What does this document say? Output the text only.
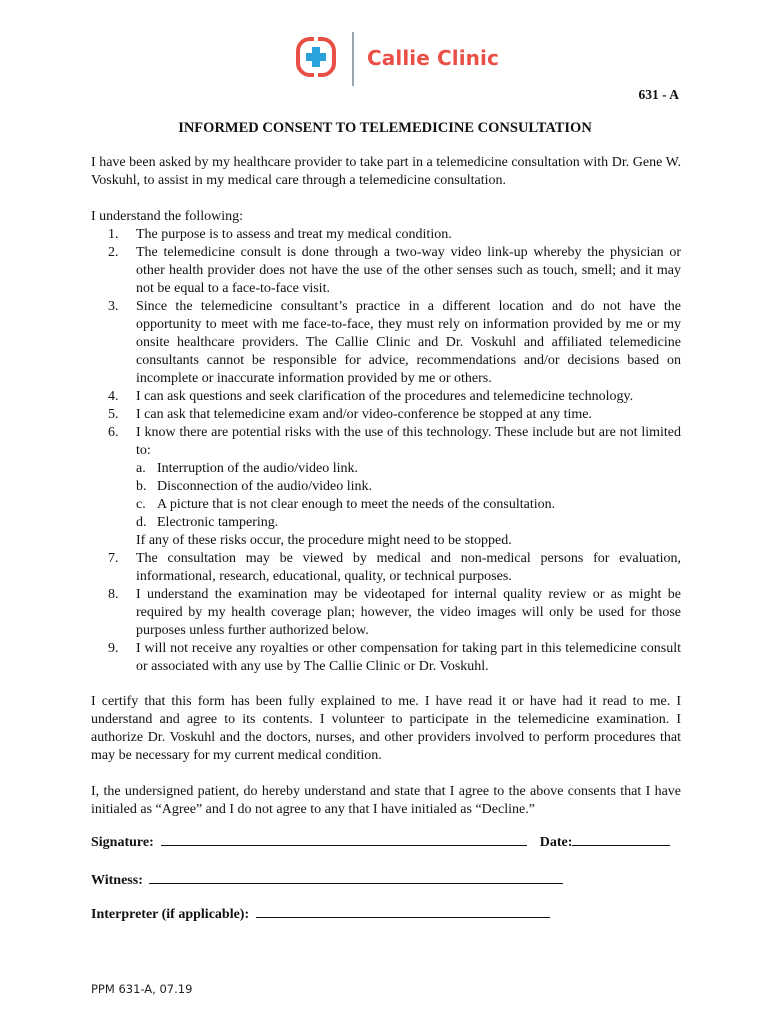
Callie Clinic
631 - A
INFORMED CONSENT TO TELEMEDICINE CONSULTATION

I have been asked by my healthcare provider to take part in a telemedicine consultation with Dr. Gene W. Voskuhl, to assist in my medical care through a telemedicine consultation.

I understand the following:

1. The purpose is to assess and treat my medical condition.
2. The telemedicine consult is done through a two-way video link-up whereby the physician or other health provider does not have the use of the other senses such as touch, smell; and it may not be equal to a face-to-face visit.
3. Since the telemedicine consultant’s practice in a different location and do not have the opportunity to meet with me face-to-face, they must rely on information provided by me or my onsite healthcare providers. The Callie Clinic and Dr. Voskuhl and affiliated telemedicine consultants cannot be responsible for advice, recommendations and/or decisions based on incomplete or inaccurate information provided by me or others.
4. I can ask questions and seek clarification of the procedures and telemedicine technology.
5. I can ask that telemedicine exam and/or video-conference be stopped at any time.
6. I know there are potential risks with the use of this technology. These include but are not limited to:
a. Interruption of the audio/video link.
b. Disconnection of the audio/video link.
c. A picture that is not clear enough to meet the needs of the consultation.
d. Electronic tampering.
If any of these risks occur, the procedure might need to be stopped.
7. The consultation may be viewed by medical and non-medical persons for evaluation, informational, research, educational, quality, or technical purposes.
8. I understand the examination may be videotaped for internal quality review or as might be required by my health coverage plan; however, the video images will only be used for those purposes unless further authorized below.
9. I will not receive any royalties or other compensation for taking part in this telemedicine consult or associated with any use by The Callie Clinic or Dr. Voskuhl.

I certify that this form has been fully explained to me. I have read it or have had it read to me. I understand and agree to its contents. I volunteer to participate in the telemedicine examination. I authorize Dr. Voskuhl and the doctors, nurses, and other providers involved to perform procedures that may be necessary for my current medical condition.

I, the undersigned patient, do hereby understand and state that I agree to the above consents that I have initialed as “Agree” and I do not agree to any that I have initialed as “Decline.”

Signature:	Date:
Witness:
Interpreter (if applicable):
PPM 631-A, 07.19
